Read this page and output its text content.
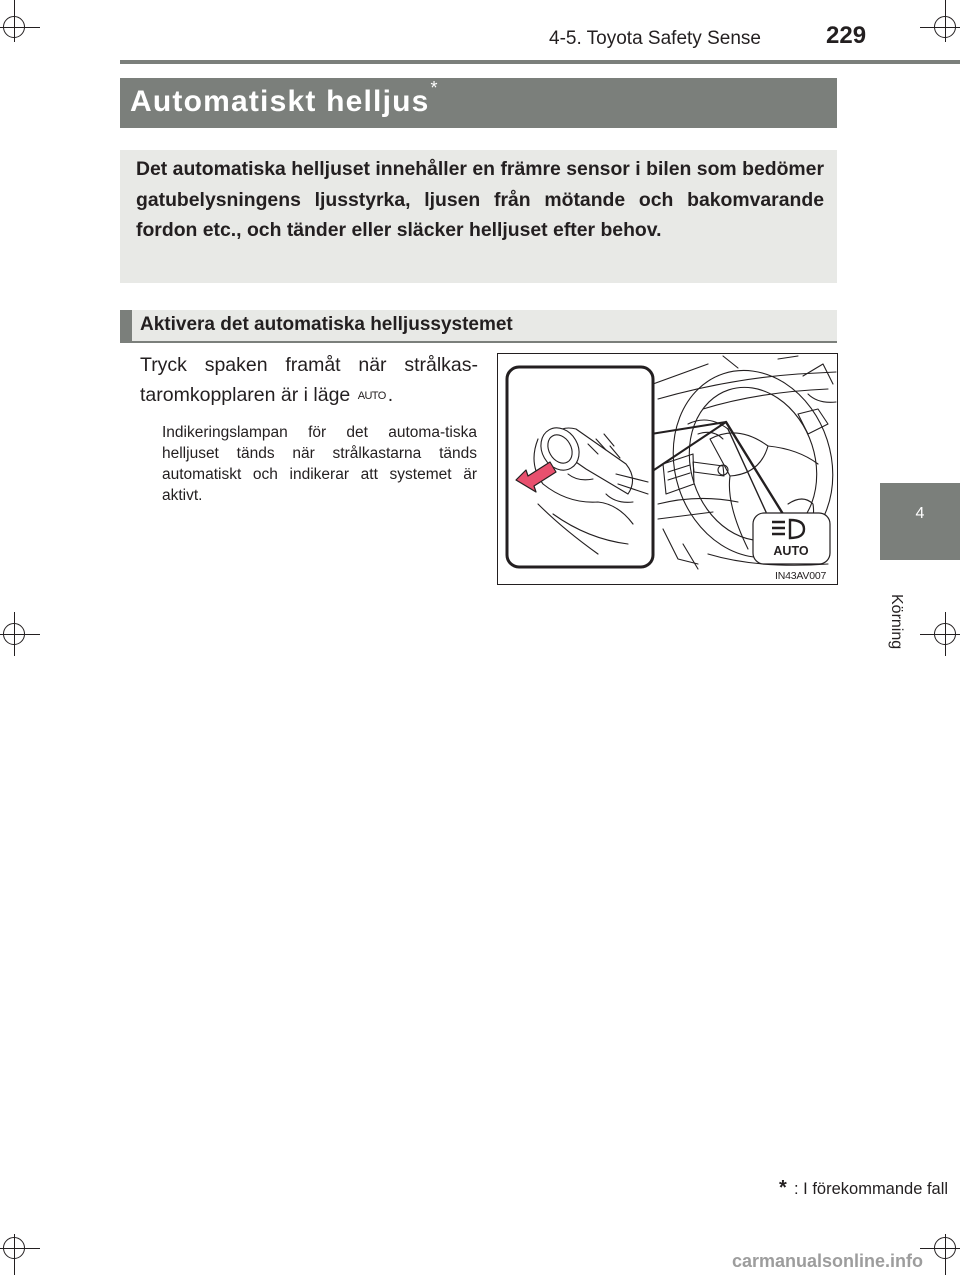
4-5. Toyota Safety Sense	229
4
Körning
Automatiskt helljus*
Det automatiska helljuset innehåller en främre sensor i bilen som bedömer gatubelysningens ljusstyrka, ljusen från mötande och bakomvarande fordon etc., och tänder eller släcker helljuset efter behov.
Aktivera det automatiska helljussystemet
Tryck spaken framåt när strålkas-
taromkopplaren är i läge AUTO .
Indikeringslampan för det automa-tiska helljuset tänds när strålkastarna tänds automatiskt och indikerar att systemet är aktivt.
AUTO
IN43AV007
* : I förekommande fall
carmanualsonline.info
